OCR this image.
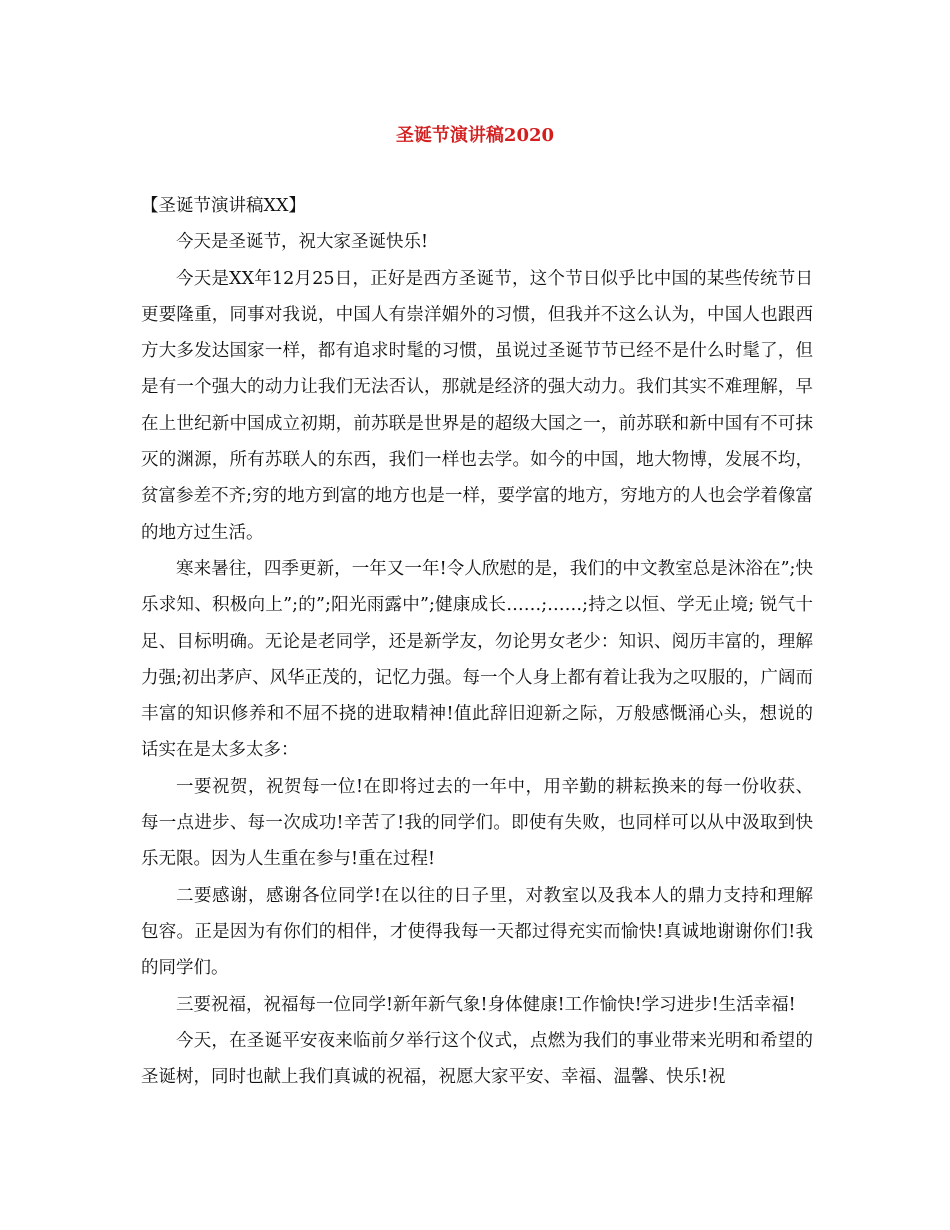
圣诞节演讲稿2020

【圣诞节演讲稿XX】

今天是圣诞节，祝大家圣诞快乐!

今天是XX年12月25日，正好是西方圣诞节，这个节日似乎比中国的某些传统节日更要隆重，同事对我说，中国人有崇洋媚外的习惯，但我并不这么认为，中国人也跟西方大多发达国家一样，都有追求时髦的习惯，虽说过圣诞节节已经不是什么时髦了，但是有一个强大的动力让我们无法否认，那就是经济的强大动力。我们其实不难理解，早在上世纪新中国成立初期，前苏联是世界是的超级大国之一，前苏联和新中国有不可抹灭的渊源，所有苏联人的东西，我们一样也去学。如今的中国，地大物博，发展不均，贫富参差不齐;穷的地方到富的地方也是一样，要学富的地方，穷地方的人也会学着像富的地方过生活。

寒来暑往，四季更新，一年又一年!令人欣慰的是，我们的中文教室总是沐浴在”;快乐求知、积极向上”;的”;阳光雨露中”;健康成长……;……;持之以恒、学无止境; 锐气十足、目标明确。无论是老同学，还是新学友，勿论男女老少：知识、阅历丰富的，理解力强;初出茅庐、风华正茂的，记忆力强。每一个人身上都有着让我为之叹服的，广阔而丰富的知识修养和不屈不挠的进取精神!值此辞旧迎新之际，万般感慨涌心头，想说的话实在是太多太多：

一要祝贺，祝贺每一位!在即将过去的一年中，用辛勤的耕耘换来的每一份收获、每一点进步、每一次成功!辛苦了!我的同学们。即使有失败，也同样可以从中汲取到快乐无限。因为人生重在参与!重在过程!

二要感谢，感谢各位同学!在以往的日子里，对教室以及我本人的鼎力支持和理解包容。正是因为有你们的相伴，才使得我每一天都过得充实而愉快!真诚地谢谢你们!我的同学们。

三要祝福，祝福每一位同学!新年新气象!身体健康!工作愉快!学习进步!生活幸福!

今天，在圣诞平安夜来临前夕举行这个仪式，点燃为我们的事业带来光明和希望的圣诞树，同时也献上我们真诚的祝福，祝愿大家平安、幸福、温馨、快乐!祝
